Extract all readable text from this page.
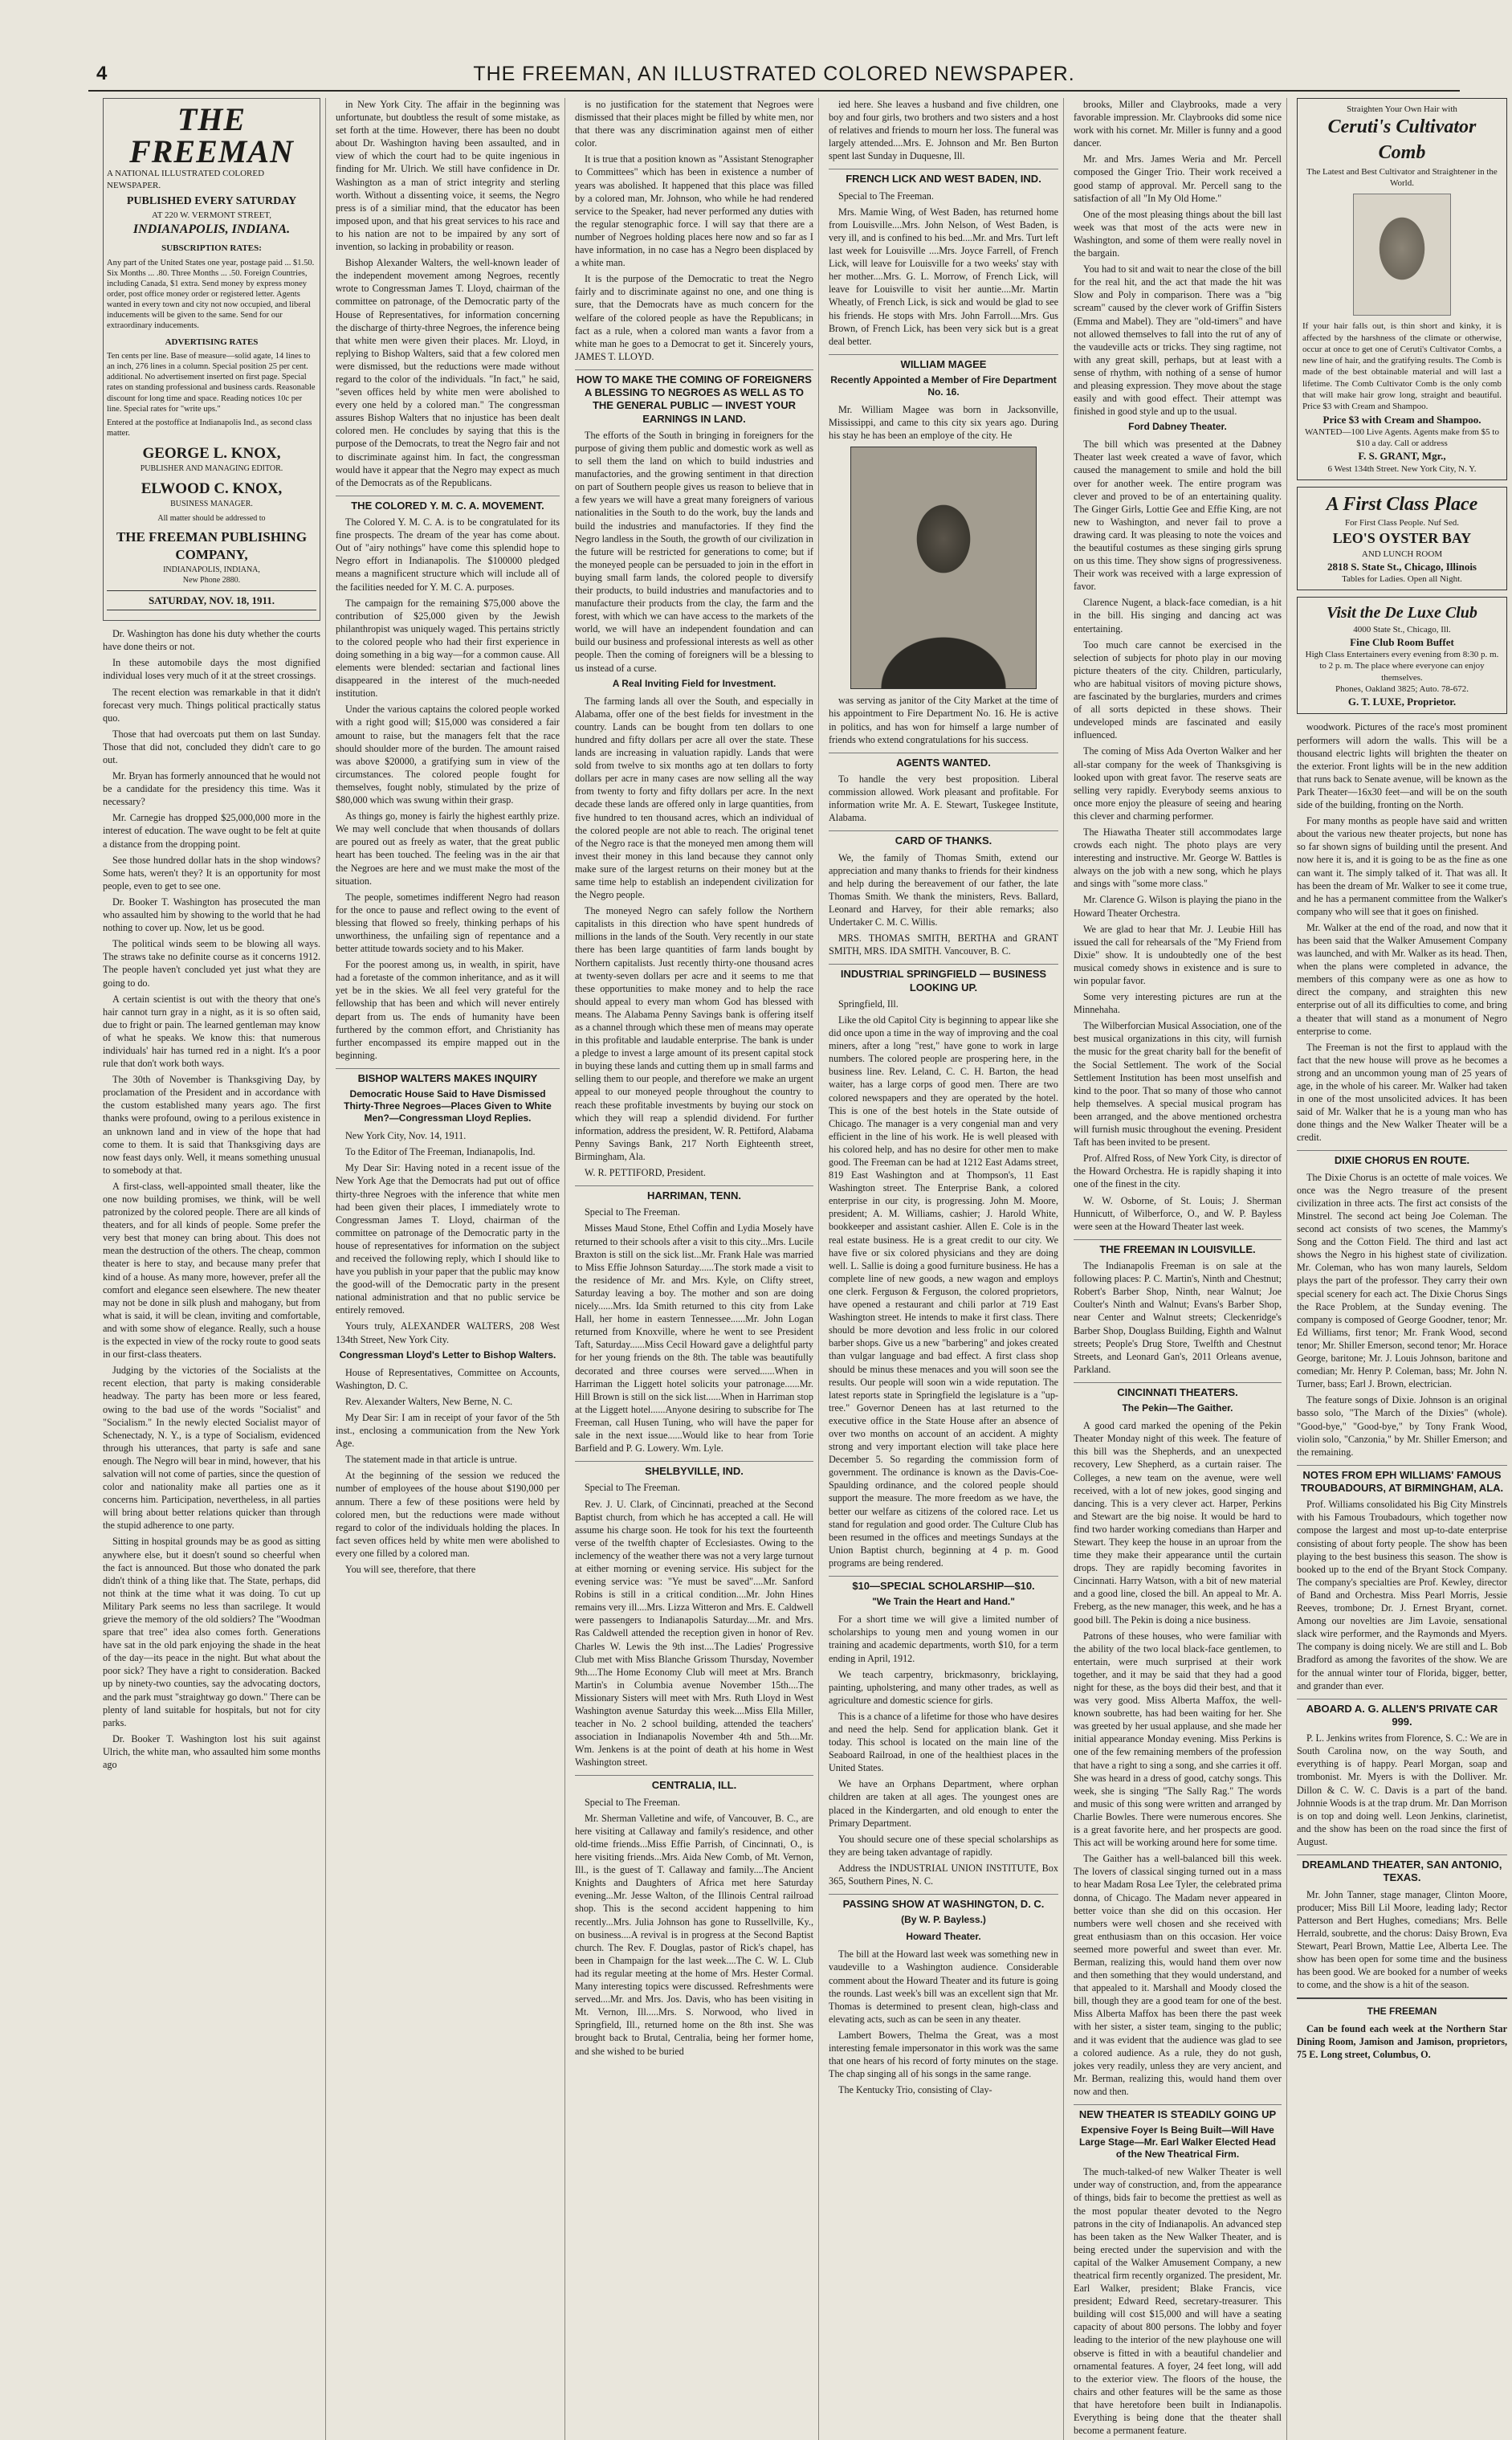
4	THE FREEMAN, AN ILLUSTRATED COLORED NEWSPAPER.
THE FREEMAN
A NATIONAL ILLUSTRATED COLORED NEWSPAPER.
PUBLISHED EVERY SATURDAY
AT 220 W. VERMONT STREET,
INDIANAPOLIS, INDIANA.
SUBSCRIPTION RATES:
Any part of the United States one year, postage paid ... $1.50. Six Months ... .80. Three Months ... .50. Foreign Countries, including Canada, $1 extra. Send money by express money order, post office money order or registered letter. Agents wanted in every town and city not now occupied, and liberal inducements will be given to the same. Send for our extraordinary inducements.
ADVERTISING RATES
Ten cents per line. Base of measure—solid agate, 14 lines to an inch, 276 lines in a column. Special position 25 per cent. additional. No advertisement inserted on first page. Special rates on standing professional and business cards. Reasonable discount for long time and space. Reading notices 10c per line. Special rates for "write ups."
Entered at the postoffice at Indianapolis Ind., as second class matter.
GEORGE L. KNOX,
PUBLISHER AND MANAGING EDITOR.
ELWOOD C. KNOX,
BUSINESS MANAGER.
All matter should be addressed to
THE FREEMAN PUBLISHING COMPANY,
INDIANAPOLIS, INDIANA,
New Phone 2880.
SATURDAY, NOV. 18, 1911.

Dr. Washington has done his duty whether the courts have done theirs or not.

In these automobile days the most dignified individual loses very much of it at the street crossings.

The recent election was remarkable in that it didn't forecast very much. Things political practically status quo.

Those that had overcoats put them on last Sunday. Those that did not, concluded they didn't care to go out.

Mr. Bryan has formerly announced that he would not be a candidate for the presidency this time. Was it necessary?

Mr. Carnegie has dropped $25,000,000 more in the interest of education. The wave ought to be felt at quite a distance from the dropping point.

See those hundred dollar hats in the shop windows? Some hats, weren't they? It is an opportunity for most people, even to get to see one.

Dr. Booker T. Washington has prosecuted the man who assaulted him by showing to the world that he had nothing to cover up. Now, let us be good.

The political winds seem to be blowing all ways. The straws take no definite course as it concerns 1912. The people haven't concluded yet just what they are going to do.

A certain scientist is out with the theory that one's hair cannot turn gray in a night, as it is so often said, due to fright or pain. The learned gentleman may know of what he speaks. We know this: that numerous individuals' hair has turned red in a night. It's a poor rule that don't work both ways.

The 30th of November is Thanksgiving Day, by proclamation of the President and in accordance with the custom established many years ago. The first thanks were profound, owing to a perilous existence in an unknown land and in view of the hope that had come to them. It is said that Thanksgiving days are now feast days only. Well, it means something unusual to somebody at that.

A first-class, well-appointed small theater, like the one now building promises, we think, will be well patronized by the colored people. There are all kinds of theaters, and for all kinds of people. Some prefer the very best that money can bring about. This does not mean the destruction of the others. The cheap, common theater is here to stay, and because many prefer that kind of a house. As many more, however, prefer all the comfort and elegance seen elsewhere. The new theater may not be done in silk plush and mahogany, but from what is said, it will be clean, inviting and comfortable, and with some show of elegance. Really, such a house is the expected in view of the rocky route to good seats in our first-class theaters.

Judging by the victories of the Socialists at the recent election, that party is making considerable headway. The party has been more or less feared, owing to the bad use of the words "Socialist" and "Socialism." In the newly elected Socialist mayor of Schenectady, N. Y., is a type of Socialism, evidenced through his utterances, that party is safe and sane enough. The Negro will bear in mind, however, that his salvation will not come of parties, since the question of color and nationality make all parties one as it concerns him. Participation, nevertheless, in all parties will bring about better relations quicker than through the stupid adherence to one party.

Sitting in hospital grounds may be as good as sitting anywhere else, but it doesn't sound so cheerful when the fact is announced. But those who donated the park didn't think of a thing like that. The State, perhaps, did not think at the time what it was doing. To cut up Military Park seems no less than sacrilege. It would grieve the memory of the old soldiers? The "Woodman spare that tree" idea also comes forth. Generations have sat in the old park enjoying the shade in the heat of the day—its peace in the night. But what about the poor sick? They have a right to consideration. Backed up by ninety-two counties, say the advocating doctors, and the park must "straightway go down." There can be plenty of land suitable for hospitals, but not for city parks.

Dr. Booker T. Washington lost his suit against Ulrich, the white man, who assaulted him some months ago

in New York City. The affair in the beginning was unfortunate, but doubtless the result of some mistake, as set forth at the time. However, there has been no doubt about Dr. Washington having been assaulted, and in view of which the court had to be quite ingenious in finding for Mr. Ulrich. We still have confidence in Dr. Washington as a man of strict integrity and sterling worth. Without a dissenting voice, it seems, the Negro press is of a similiar mind, that the educator has been imposed upon, and that his great services to his race and to his nation are not to be impaired by any sort of invention, so lacking in probability or reason.

Bishop Alexander Walters, the well-known leader of the independent movement among Negroes, recently wrote to Congressman James T. Lloyd, chairman of the committee on patronage, of the Democratic party of the House of Representatives, for information concerning the discharge of thirty-three Negroes, the inference being that white men were given their places. Mr. Lloyd, in replying to Bishop Walters, said that a few colored men were dismissed, but the reductions were made without regard to the color of the individuals. "In fact," he said, "seven offices held by white men were abolished to every one held by a colored man." The congressman assures Bishop Walters that no injustice has been dealt colored men. He concludes by saying that this is the purpose of the Democrats, to treat the Negro fair and not to discriminate against him. In fact, the congressman would have it appear that the Negro may expect as much of the Democrats as of the Republicans.

THE COLORED Y. M. C. A. MOVEMENT.

The Colored Y. M. C. A. is to be congratulated for its fine prospects. The dream of the year has come about. Out of "airy nothings" have come this splendid hope to Negro effort in Indianapolis. The $100000 pledged means a magnificent structure which will include all of the facilities needed for Y. M. C. A. purposes.

The campaign for the remaining $75,000 above the contribution of $25,000 given by the Jewish philanthropist was uniquely waged. This pertains strictly to the colored people who had their first experience in doing something in a big way—for a common cause. All elements were blended: sectarian and factional lines disappeared in the interest of the much-needed institution.

Under the various captains the colored people worked with a right good will; $15,000 was considered a fair amount to raise, but the managers felt that the race should shoulder more of the burden. The amount raised was above $20000, a gratifying sum in view of the circumstances. The colored people fought for themselves, fought nobly, stimulated by the prize of $80,000 which was swung within their grasp.

As things go, money is fairly the highest earthly prize. We may well conclude that when thousands of dollars are poured out as freely as water, that the great public heart has been touched. The feeling was in the air that the Negroes are here and we must make the most of the situation.

The people, sometimes indifferent Negro had reason for the once to pause and reflect owing to the event of blessing that flowed so freely, thinking perhaps of his unworthiness, the unfailing sign of repentance and a better attitude towards society and to his Maker.

For the poorest among us, in wealth, in spirit, have had a foretaste of the common inheritance, and as it will yet be in the skies. We all feel very grateful for the fellowship that has been and which will never entirely depart from us. The ends of humanity have been furthered by the common effort, and Christianity has further encompassed its empire mapped out in the beginning.

BISHOP WALTERS MAKES INQUIRY
Democratic House Said to Have Dismissed Thirty-Three Negroes—Places Given to White Men?—Congressman Lloyd Replies.

New York City, Nov. 14, 1911.

To the Editor of The Freeman, Indianapolis, Ind.

My Dear Sir: Having noted in a recent issue of the New York Age that the Democrats had put out of office thirty-three Negroes with the inference that white men had been given their places, I immediately wrote to Congressman James T. Lloyd, chairman of the committee on patronage of the Democratic party in the house of representatives for information on the subject and received the following reply, which I should like to have you publish in your paper that the public may know the good-will of the Democratic party in the present national administration and that no public service be entirely removed.

Yours truly, ALEXANDER WALTERS, 208 West 134th Street, New York City.

Congressman Lloyd's Letter to Bishop Walters.

House of Representatives, Committee on Accounts, Washington, D. C.

Rev. Alexander Walters, New Berne, N. C.

My Dear Sir: I am in receipt of your favor of the 5th inst., enclosing a communication from the New York Age.

The statement made in that article is untrue.

At the beginning of the session we reduced the number of employees of the house about $190,000 per annum. There a few of these positions were held by colored men, but the reductions were made without regard to color of the individuals holding the places. In fact seven offices held by white men were abolished to every one filled by a colored man.

You will see, therefore, that there

is no justification for the statement that Negroes were dismissed that their places might be filled by white men, nor that there was any discrimination against men of either color.

It is true that a position known as "Assistant Stenographer to Committees" which has been in existence a number of years was abolished. It happened that this place was filled by a colored man, Mr. Johnson, who while he had rendered service to the Speaker, had never performed any duties with the regular stenographic force. I will say that there are a number of Negroes holding places here now and so far as I have information, in no case has a Negro been displaced by a white man.

It is the purpose of the Democratic to treat the Negro fairly and to discriminate against no one, and one thing is sure, that the Democrats have as much concern for the welfare of the colored people as have the Republicans; in fact as a rule, when a colored man wants a favor from a white man he goes to a Democrat to get it. Sincerely yours, JAMES T. LLOYD.

HOW TO MAKE THE COMING OF FOREIGNERS A BLESSING TO NEGROES AS WELL AS TO THE GENERAL PUBLIC — INVEST YOUR EARNINGS IN LAND.

The efforts of the South in bringing in foreigners for the purpose of giving them public and domestic work as well as to sell them the land on which to build industries and manufactories, and the growing sentiment in that direction on part of Southern people gives us reason to believe that in a few years we will have a great many foreigners of various nationalities in the South to do the work, buy the lands and build the industries and manufactories. If they find the Negro landless in the South, the growth of our civilization in the future will be restricted for generations to come; but if the moneyed people can be persuaded to join in the effort in buying small farm lands, the colored people to diversify their products, to build industries and manufactories and to manufacture their products from the clay, the farm and the forest, with which we can have access to the markets of the world, we will have an independent foundation and can build our business and professional interests as well as other people. Then the coming of foreigners will be a blessing to us instead of a curse.

A Real Inviting Field for Investment.

The farming lands all over the South, and especially in Alabama, offer one of the best fields for investment in the country. Lands can be bought from ten dollars to one hundred and fifty dollars per acre all over the state. These lands are increasing in valuation rapidly. Lands that were sold from twelve to six months ago at ten dollars to forty dollars per acre in many cases are now selling all the way from twenty to forty and fifty dollars per acre. In the next decade these lands are offered only in large quantities, from five hundred to ten thousand acres, which an individual of the colored people are not able to reach. The original tenet of the Negro race is that the moneyed men among them will invest their money in this land because they cannot only make sure of the largest returns on their money but at the same time help to establish an independent civilization for the Negro people.

The moneyed Negro can safely follow the Northern capitalists in this direction who have spent hundreds of millions in the lands of the South. Very recently in our state there has been large quantities of farm lands bought by Northern capitalists. Just recently thirty-one thousand acres at twenty-seven dollars per acre and it seems to me that these opportunities to make money and to help the race should appeal to every man whom God has blessed with means. The Alabama Penny Savings bank is offering itself as a channel through which these men of means may operate in this profitable and laudable enterprise. The bank is under a pledge to invest a large amount of its present capital stock in buying these lands and cutting them up in small farms and selling them to our people, and therefore we make an urgent appeal to our moneyed people throughout the country to reach these profitable investments by buying our stock on which they will reap a splendid dividend. For further information, address the president, W. R. Pettiford, Alabama Penny Savings Bank, 217 North Eighteenth street, Birmingham, Ala.

W. R. PETTIFORD, President.

HARRIMAN, TENN.

Special to The Freeman.

Misses Maud Stone, Ethel Coffin and Lydia Mosely have returned to their schools after a visit to this city...Mrs. Lucile Braxton is still on the sick list...Mr. Frank Hale was married to Miss Effie Johnson Saturday......The stork made a visit to the residence of Mr. and Mrs. Kyle, on Clifty street, Saturday leaving a boy. The mother and son are doing nicely......Mrs. Ida Smith returned to this city from Lake Hall, her home in eastern Tennessee......Mr. John Logan returned from Knoxville, where he went to see President Taft, Saturday......Miss Cecil Howard gave a delightful party for her young friends on the 8th. The table was beautifully decorated and three courses were served......When in Harriman the Liggett hotel solicits your patronage......Mr. Hill Brown is still on the sick list......When in Harriman stop at the Liggett hotel......Anyone desiring to subscribe for The Freeman, call Husen Tuning, who will have the paper for sale in the next issue......Would like to hear from Torie Barfield and P. G. Lowery. Wm. Lyle.

SHELBYVILLE, IND.

Special to The Freeman.

Rev. J. U. Clark, of Cincinnati, preached at the Second Baptist church, from which he has accepted a call. He will assume his charge soon. He took for his text the fourteenth verse of the twelfth chapter of Ecclesiastes. Owing to the inclemency of the weather there was not a very large turnout at either morning or evening service. His subject for the evening service was: "Ye must be saved"....Mr. Sanford Robins is still in a critical condition....Mr. John Hines remains very ill....Mrs. Lizza Witteron and Mrs. E. Caldwell were passengers to Indianapolis Saturday....Mr. and Mrs. Ras Caldwell attended the reception given in honor of Rev. Charles W. Lewis the 9th inst....The Ladies' Progressive Club met with Miss Blanche Grissom Thursday, November 9th....The Home Economy Club will meet at Mrs. Branch Martin's in Columbia avenue November 15th....The Missionary Sisters will meet with Mrs. Ruth Lloyd in West Washington avenue Saturday this week....Miss Ella Miller, teacher in No. 2 school building, attended the teachers' association in Indianapolis November 4th and 5th....Mr. Wm. Jenkens is at the point of death at his home in West Washington street.

CENTRALIA, ILL.

Special to The Freeman.

Mr. Sherman Valletine and wife, of Vancouver, B. C., are here visiting at Callaway and family's residence, and other old-time friends...Miss Effie Parrish, of Cincinnati, O., is here visiting friends...Mrs. Aida New Comb, of Mt. Vernon, Ill., is the guest of T. Callaway and family....The Ancient Knights and Daughters of Africa met here Saturday evening...Mr. Jesse Walton, of the Illinois Central railroad shop. This is the second accident happening to him recently...Mrs. Julia Johnson has gone to Russellville, Ky., on business....A revival is in progress at the Second Baptist church. The Rev. F. Douglas, pastor of Rick's chapel, has been in Champaign for the last week....The C. W. L. Club had its regular meeting at the home of Mrs. Hester Cormal. Many interesting topics were discussed. Refreshments were served....Mr. and Mrs. Jos. Davis, who has been visiting in Mt. Vernon, Ill.....Mrs. S. Norwood, who lived in Springfield, Ill., returned home on the 8th inst. She was brought back to Brutal, Centralia, being her former home, and she wished to be buried

ied here. She leaves a husband and five children, one boy and four girls, two brothers and two sisters and a host of relatives and friends to mourn her loss. The funeral was largely attended....Mrs. E. Johnson and Mr. Ben Burton spent last Sunday in Duquesne, Ill.

FRENCH LICK AND WEST BADEN, IND.

Special to The Freeman.

Mrs. Mamie Wing, of West Baden, has returned home from Louisville....Mrs. John Nelson, of West Baden, is very ill, and is confined to his bed....Mr. and Mrs. Turt left last week for Louisville ....Mrs. Joyce Farrell, of French Lick, will leave for Louisville for a two weeks' stay with her mother....Mrs. G. L. Morrow, of French Lick, will leave for Louisville to visit her auntie....Mr. Martin Wheatly, of French Lick, is sick and would be glad to see his friends. He stops with Mrs. John Farroll....Mrs. Gus Brown, of French Lick, has been very sick but is a great deal better.

WILLIAM MAGEE
Recently Appointed a Member of Fire Department No. 16.

Mr. William Magee was born in Jacksonville, Mississippi, and came to this city six years ago. During his stay he has been an employe of the city. He

was serving as janitor of the City Market at the time of his appointment to Fire Department No. 16. He is active in politics, and has won for himself a large number of friends who extend congratulations for his success.

AGENTS WANTED.

To handle the very best proposition. Liberal commission allowed. Work pleasant and profitable. For information write Mr. A. E. Stewart, Tuskegee Institute, Alabama.

CARD OF THANKS.

We, the family of Thomas Smith, extend our appreciation and many thanks to friends for their kindness and help during the bereavement of our father, the late Thomas Smith. We thank the ministers, Revs. Ballard, Leonard and Harvey, for their able remarks; also Undertaker C. M. C. Willis.

MRS. THOMAS SMITH, BERTHA and GRANT SMITH, MRS. IDA SMITH. Vancouver, B. C.

INDUSTRIAL SPRINGFIELD — BUSINESS LOOKING UP.

Springfield, Ill.

Like the old Capitol City is beginning to appear like she did once upon a time in the way of improving and the coal miners, after a long "rest," have gone to work in large numbers. The colored people are prospering here, in the business line. Rev. Leland, C. C. H. Barton, the head waiter, has a large corps of good men. There are two colored newspapers and they are operated by the hotel. This is one of the best hotels in the State outside of Chicago. The manager is a very congenial man and very efficient in the line of his work. He is well pleased with his colored help, and has no desire for other men to make good. The Freeman can be had at 1212 East Adams street, 819 East Washington and at Thompson's, 11 East Washington street. The Enterprise Bank, a colored enterprise in our city, is progressing. John M. Moore, president; A. M. Williams, cashier; J. Harold White, bookkeeper and assistant cashier. Allen E. Cole is in the real estate business. He is a great credit to our city. We have five or six colored physicians and they are doing well. L. Sallie is doing a good furniture business. He has a complete line of new goods, a new wagon and employs one clerk. Ferguson & Ferguson, the colored proprietors, have opened a restaurant and chili parlor at 719 East Washington street. He intends to make it first class. There should be more devotion and less frolic in our colored barber shops. Give us a new "barbering" and jokes created than vulgar language and bad effect. A first class shop should be minus these menaces and you will soon see the results. Our people will soon win a wide reputation. The latest reports state in Springfield the legislature is a "up-tree." Governor Deneen has at last returned to the executive office in the State House after an absence of over two months on account of an accident. A mighty strong and very important election will take place here December 5. So regarding the commission form of government. The ordinance is known as the Davis-Coe-Spaulding ordinance, and the colored people should support the measure. The more freedom as we have, the better our welfare as citizens of the colored race. Let us stand for regulation and good order. The Culture Club has been resumed in the offices and meetings Sundays at the Union Baptist church, beginning at 4 p. m. Good programs are being rendered.

$10—SPECIAL SCHOLARSHIP—$10.
"We Train the Heart and Hand."

For a short time we will give a limited number of scholarships to young men and young women in our training and academic departments, worth $10, for a term ending in April, 1912.

We teach carpentry, brickmasonry, bricklaying, painting, upholstering, and many other trades, as well as agriculture and domestic science for girls.

This is a chance of a lifetime for those who have desires and need the help. Send for application blank. Get it today. This school is located on the main line of the Seaboard Railroad, in one of the healthiest places in the United States.

We have an Orphans Department, where orphan children are taken at all ages. The youngest ones are placed in the Kindergarten, and old enough to enter the Primary Department.

You should secure one of these special scholarships as they are being taken advantage of rapidly.

Address the INDUSTRIAL UNION INSTITUTE, Box 365, Southern Pines, N. C.

PASSING SHOW AT WASHINGTON, D. C.
(By W. P. Bayless.)
Howard Theater.

The bill at the Howard last week was something new in vaudeville to a Washington audience. Considerable comment about the Howard Theater and its future is going the rounds. Last week's bill was an excellent sign that Mr. Thomas is determined to present clean, high-class and elevating acts, such as can be seen in any theater.

Lambert Bowers, Thelma the Great, was a most interesting female impersonator in this work was the same that one hears of his record of forty minutes on the stage. The chap singing all of his songs in the same range.

The Kentucky Trio, consisting of Clay-

brooks, Miller and Claybrooks, made a very favorable impression. Mr. Claybrooks did some nice work with his cornet. Mr. Miller is funny and a good dancer.

Mr. and Mrs. James Weria and Mr. Percell composed the Ginger Trio. Their work received a good stamp of approval. Mr. Percell sang to the satisfaction of all "In My Old Home."

One of the most pleasing things about the bill last week was that most of the acts were new in Washington, and some of them were really novel in the bargain.

You had to sit and wait to near the close of the bill for the real hit, and the act that made the hit was Slow and Poly in comparison. There was a "big scream" caused by the clever work of Griffin Sisters (Emma and Mabel). They are "old-timers" and have not allowed themselves to fall into the rut of any of the vaudeville acts or tricks. They sing ragtime, not with any great skill, perhaps, but at least with a sense of rhythm, with nothing of a sense of humor and pleasing expression. They move about the stage easily and with good effect. Their attempt was finished in good style and up to the usual.

Ford Dabney Theater.

The bill which was presented at the Dabney Theater last week created a wave of favor, which caused the management to smile and hold the bill over for another week. The entire program was clever and proved to be of an entertaining quality. The Ginger Girls, Lottie Gee and Effie King, are not new to Washington, and never fail to prove a drawing card. It was pleasing to note the voices and the beautiful costumes as these singing girls sprung on us this time. They show signs of progressiveness. Their work was received with a large expression of favor.

Clarence Nugent, a black-face comedian, is a hit in the bill. His singing and dancing act was entertaining.

Too much care cannot be exercised in the selection of subjects for photo play in our moving picture theaters of the city. Children, particularly, who are habitual visitors of moving picture shows, are fascinated by the burglaries, murders and crimes of all sorts depicted in these shows. Their undeveloped minds are fascinated and easily influenced.

The coming of Miss Ada Overton Walker and her all-star company for the week of Thanksgiving is looked upon with great favor. The reserve seats are selling very rapidly. Everybody seems anxious to once more enjoy the pleasure of seeing and hearing this clever and charming performer.

The Hiawatha Theater still accommodates large crowds each night. The photo plays are very interesting and instructive. Mr. George W. Battles is always on the job with a new song, which he plays and sings with "some more class."

Mr. Clarence G. Wilson is playing the piano in the Howard Theater Orchestra.

We are glad to hear that Mr. J. Leubie Hill has issued the call for rehearsals of the "My Friend from Dixie" show. It is undoubtedly one of the best musical comedy shows in existence and is sure to win popular favor.

Some very interesting pictures are run at the Minnehaha.

The Wilberforcian Musical Association, one of the best musical organizations in this city, will furnish the music for the great charity ball for the benefit of the Social Settlement. The work of the Social Settlement Institution has been most unselfish and kind to the poor. That so many of those who cannot help themselves. A special musical program has been arranged, and the above mentioned orchestra will furnish music throughout the evening. President Taft has been invited to be present.

Prof. Alfred Ross, of New York City, is director of the Howard Orchestra. He is rapidly shaping it into one of the finest in the city.

W. W. Osborne, of St. Louis; J. Sherman Hunnicutt, of Wilberforce, O., and W. P. Bayless were seen at the Howard Theater last week.

THE FREEMAN IN LOUISVILLE.

The Indianapolis Freeman is on sale at the following places: P. C. Martin's, Ninth and Chestnut; Robert's Barber Shop, Ninth, near Walnut; Joe Coulter's Ninth and Walnut; Evans's Barber Shop, near Center and Walnut streets; Cleckenridge's Barber Shop, Douglass Building, Eighth and Walnut streets; People's Drug Store, Twelfth and Chestnut Streets, and Leonard Gan's, 2011 Orleans avenue, Parkland.

CINCINNATI THEATERS.
The Pekin—The Gaither.

A good card marked the opening of the Pekin Theater Monday night of this week. The feature of this bill was the Shepherds, and an unexpected recovery, Lew Shepherd, as a curtain raiser. The Colleges, a new team on the avenue, were well received, with a lot of new jokes, good singing and dancing. This is a very clever act. Harper, Perkins and Stewart are the big noise. It would be hard to find two harder working comedians than Harper and Stewart. They keep the house in an uproar from the time they make their appearance until the curtain drops. They are rapidly becoming favorites in Cincinnati. Harry Watson, with a bit of new material and a good line, closed the bill. An appeal to Mr. A. Freberg, as the new manager, this week, and he has a good bill. The Pekin is doing a nice business.

Patrons of these houses, who were familiar with the ability of the two local black-face gentlemen, to entertain, were much surprised at their work together, and it may be said that they had a good night for these, as the boys did their best, and that it was very good. Miss Alberta Maffox, the well-known soubrette, has had been waiting for her. She was greeted by her usual applause, and she made her initial appearance Monday evening. Miss Perkins is one of the few remaining members of the profession that have a right to sing a song, and she carries it off. She was heard in a dress of good, catchy songs. This week, she is singing "The Sally Rag." The words and music of this song were written and arranged by Charlie Bowles. There were numerous encores. She is a great favorite here, and her prospects are good. This act will be working around here for some time.

The Gaither has a well-balanced bill this week. The lovers of classical singing turned out in a mass to hear Madam Rosa Lee Tyler, the celebrated prima donna, of Chicago. The Madam never appeared in better voice than she did on this occasion. Her numbers were well chosen and she received with great enthusiasm than on this occasion. Her voice seemed more powerful and sweet than ever. Mr. Berman, realizing this, would hand them over now and then something that they would understand, and that appealed to it. Marshall and Moody closed the bill, though they are a good team for one of the best. Miss Alberta Maffox has been there the past week with her sister, a sister team, singing to the public; and it was evident that the audience was glad to see a colored audience. As a rule, they do not gush, jokes very readily, unless they are very ancient, and Mr. Berman, realizing this, would hand them over now and then.

NEW THEATER IS STEADILY GOING UP
Expensive Foyer Is Being Built—Will Have Large Stage—Mr. Earl Walker Elected Head of the New Theatrical Firm.

The much-talked-of new Walker Theater is well under way of construction, and, from the appearance of things, bids fair to become the prettiest as well as the most popular theater devoted to the Negro patrons in the city of Indianapolis. An advanced step has been taken as the New Walker Theater, and is being erected under the supervision and with the capital of the Walker Amusement Company, a new theatrical firm recently organized. The president, Mr. Earl Walker, president; Blake Francis, vice president; Edward Reed, secretary-treasurer. This building will cost $15,000 and will have a seating capacity of about 800 persons. The lobby and foyer leading to the interior of the new playhouse one will observe is fitted in with a beautiful chandelier and ornamental features. A foyer, 24 feet long, will add to the exterior view. The floors of the house, the chairs and other features will be the same as those that have heretofore been built in Indianapolis. Everything is being done that the theater shall become a permanent feature.

Straighten Your Own Hair with
Ceruti's Cultivator Comb
The Latest and Best Cultivator and Straightener in the World.
If your hair falls out, is thin short and kinky, it is affected by the harshness of the climate or otherwise, occur at once to get one of Ceruti's Cultivator Combs, a new line of hair, and the gratifying results. The Comb is made of the best obtainable material and will last a lifetime. The Comb Cultivator Comb is the only comb that will make hair grow long, straight and beautiful. Price $3 with Cream and Shampoo.
Price $3 with Cream and Shampoo.
WANTED—100 Live Agents. Agents make from $5 to $10 a day. Call or address
F. S. GRANT, Mgr.,
6 West 134th Street. New York City, N. Y.
A First Class Place
For First Class People. Nuf Sed.
LEO'S OYSTER BAY
AND LUNCH ROOM
2818 S. State St., Chicago, Illinois
Tables for Ladies. Open all Night.
Visit the De Luxe Club
4000 State St., Chicago, Ill.
Fine Club Room Buffet
High Class Entertainers every evening from 8:30 p. m. to 2 p. m. The place where everyone can enjoy themselves.
Phones, Oakland 3825; Auto. 78-672.
G. T. LUXE, Proprietor.

woodwork. Pictures of the race's most prominent performers will adorn the walls. This will be a thousand electric lights will brighten the theater on the exterior. Front lights will be in the new addition that runs back to Senate avenue, will be known as the Park Theater—16x30 feet—and will be on the south side of the building, fronting on the North.

For many months as people have said and written about the various new theater projects, but none has so far shown signs of building until the present. And now here it is, and it is going to be as the fine as one can want it. The simply talked of it. That was all. It has been the dream of Mr. Walker to see it come true, and he has a permanent committee from the Walker's company who will see that it goes on finished.

Mr. Walker at the end of the road, and now that it has been said that the Walker Amusement Company was launched, and with Mr. Walker as its head. Then, when the plans were completed in advance, the members of this company were as one as how to direct the company, and straighten this new enterprise out of all its difficulties to come, and bring a theater that will stand as a monument of Negro enterprise to come.

The Freeman is not the first to applaud with the fact that the new house will prove as he becomes a strong and an uncommon young man of 25 years of age, in the whole of his career. Mr. Walker had taken in one of the most unsolicited advices. It has been said of Mr. Walker that he is a young man who has done things and the New Walker Theater will be a credit.

DIXIE CHORUS EN ROUTE.

The Dixie Chorus is an octette of male voices. We once was the Negro treasure of the present civilization in three acts. The first act consists of the Minstrel. The second act being Joe Coleman. The second act consists of two scenes, the Mammy's Song and the Cotton Field. The third and last act shows the Negro in his highest state of civilization. Mr. Coleman, who has won many laurels, Seldom plays the part of the professor. They carry their own special scenery for each act. The Dixie Chorus Sings the Race Problem, at the Sunday evening. The company is composed of George Goodner, tenor; Mr. Ed Williams, first tenor; Mr. Frank Wood, second tenor; Mr. Shiller Emerson, second tenor; Mr. Horace George, baritone; Mr. J. Louis Johnson, baritone and comedian; Mr. Henry P. Coleman, bass; Mr. John N. Turner, bass; Earl J. Brown, electrician.

The feature songs of Dixie. Johnson is an original basso solo, "The March of the Dixies" (whole). "Good-bye," "Good-bye," by Tony Frank Wood, violin solo, "Canzonia," by Mr. Shiller Emerson; and the remaining.

NOTES FROM EPH WILLIAMS' FAMOUS TROUBADOURS, AT BIRMINGHAM, ALA.

Prof. Williams consolidated his Big City Minstrels with his Famous Troubadours, which together now compose the largest and most up-to-date enterprise consisting of about forty people. The show has been playing to the best business this season. The show is booked up to the end of the Bryant Stock Company. The company's specialties are Prof. Kewley, director of Band and Orchestra. Miss Pearl Morris, Jessie Reeves, trombone; Dr. J. Ernest Bryant, cornet. Among our novelties are Jim Lavoie, sensational slack wire performer, and the Raymonds and Myers. The company is doing nicely. We are still and L. Bob Bradford as among the favorites of the show. We are for the annual winter tour of Florida, bigger, better, and grander than ever.

ABOARD A. G. ALLEN'S PRIVATE CAR 999.

P. L. Jenkins writes from Florence, S. C.: We are in South Carolina now, on the way South, and everything is of happy. Pearl Morgan, soap and trombonist. Mr. Myers is with the Dolliver. Mr. Dillon & C. W. C. Davis is a part of the band. Johnnie Woods is at the trap drum. Mr. Dan Morrison is on top and doing well. Leon Jenkins, clarinetist, and the show has been on the road since the first of August.

DREAMLAND THEATER, SAN ANTONIO, TEXAS.

Mr. John Tanner, stage manager, Clinton Moore, producer; Miss Bill Lil Moore, leading lady; Rector Patterson and Bert Hughes, comedians; Mrs. Belle Herrald, soubrette, and the chorus: Daisy Brown, Eva Stewart, Pearl Brown, Mattie Lee, Alberta Lee. The show has been open for some time and the business has been good. We are booked for a number of weeks to come, and the show is a hit of the season.

THE FREEMAN

Can be found each week at the Northern Star Dining Room, Jamison and Jamison, proprietors, 75 E. Long street, Columbus, O.
